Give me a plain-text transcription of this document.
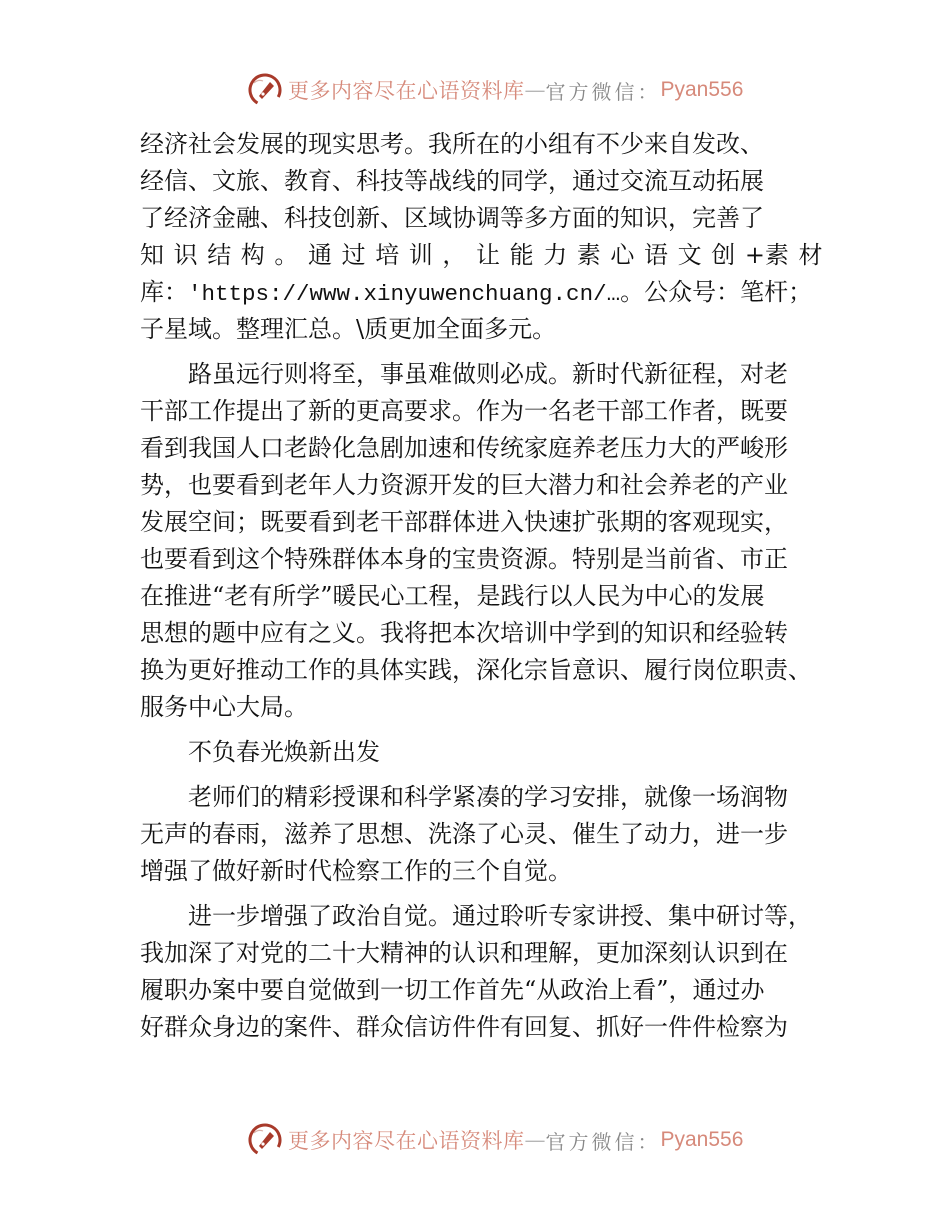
更多内容尽在心语资料库 — 官方微信： Pyan556
经济社会发展的现实思考。我所在的小组有不少来自发改、
经信、文旅、教育、科技等战线的同学，通过交流互动拓展
了经济金融、科技创新、区域协调等多方面的知识，完善了
知识结构。通过培训，让能力素心语文创+素材
库：'https://www.xinyuwenchuang.cn/…。公众号：笔杆；
子星域。整理汇总。\质更加全面多元。
路虽远行则将至，事虽难做则必成。新时代新征程，对老
干部工作提出了新的更高要求。作为一名老干部工作者，既要
看到我国人口老龄化急剧加速和传统家庭养老压力大的严峻形
势，也要看到老年人力资源开发的巨大潜力和社会养老的产业
发展空间；既要看到老干部群体进入快速扩张期的客观现实，
也要看到这个特殊群体本身的宝贵资源。特别是当前省、市正
在推进“老有所学”暖民心工程，是践行以人民为中心的发展
思想的题中应有之义。我将把本次培训中学到的知识和经验转
换为更好推动工作的具体实践，深化宗旨意识、履行岗位职责、
服务中心大局。
不负春光焕新出发
老师们的精彩授课和科学紧凑的学习安排，就像一场润物
无声的春雨，滋养了思想、洗涤了心灵、催生了动力，进一步
增强了做好新时代检察工作的三个自觉。
进一步增强了政治自觉。通过聆听专家讲授、集中研讨等，
我加深了对党的二十大精神的认识和理解，更加深刻认识到在
履职办案中要自觉做到一切工作首先“从政治上看”，通过办
好群众身边的案件、群众信访件件有回复、抓好一件件检察为
更多内容尽在心语资料库 — 官方微信： Pyan556
